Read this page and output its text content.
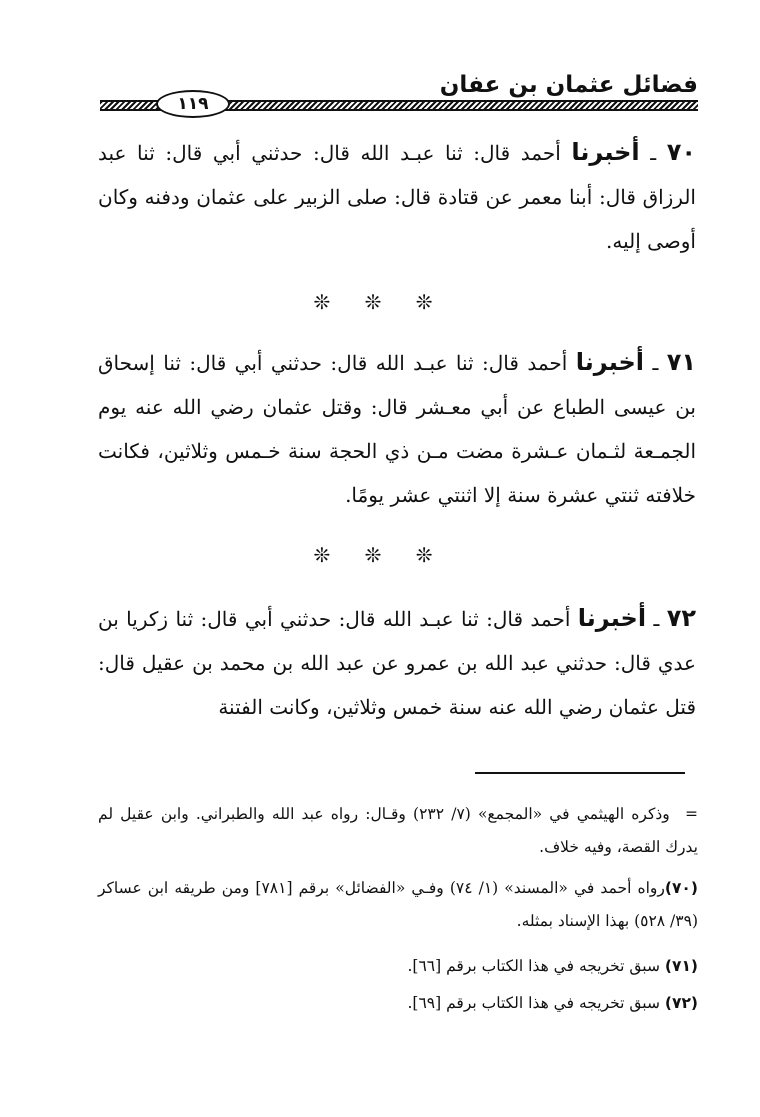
فضائل عثمان بن عفان
١١٩
٧٠ ـ أخبرنا أحمد قال: ثنا عبـد الله قال: حدثني أبي قال: ثنا عبد الرزاق قال: أبنا معمر عن قتادة قال: صلى الزبير على عثمان ودفنه وكان أوصى إليه.
❊ ❊ ❊
٧١ ـ أخبرنا أحمد قال: ثنا عبـد الله قال: حدثني أبي قال: ثنا إسحاق بن عيسى الطباع عن أبي معـشر قال: وقتل عثمان رضي الله عنه يوم الجمـعة لثـمان عـشرة مضت مـن ذي الحجة سنة خـمس وثلاثين، فكانت خلافته ثنتي عشرة سنة إلا اثنتي عشر يومًا.
❊ ❊ ❊
٧٢ ـ أخبرنا أحمد قال: ثنا عبـد الله قال: حدثني أبي قال: ثنا زكريا بن عدي قال: حدثني عبد الله بن عمرو عن عبد الله بن محمد بن عقيل قال: قتل عثمان رضي الله عنه سنة خمس وثلاثين، وكانت الفتنة
=  وذكره الهيثمي في «المجمع» (٧/ ٢٣٢) وقـال: رواه عبد الله والطبراني. وابن عقيل لم يدرك القصة، وفيه خلاف.
(٧٠)رواه أحمد في «المسند» (١/ ٧٤) وفـي «الفضائل» برقم [٧٨١] ومن طريقه ابن عساكر (٣٩/ ٥٢٨) بهذا الإسناد بمثله.
(٧١) سبق تخريجه في هذا الكتاب برقم [٦٦].
(٧٢) سبق تخريجه في هذا الكتاب برقم [٦٩].
